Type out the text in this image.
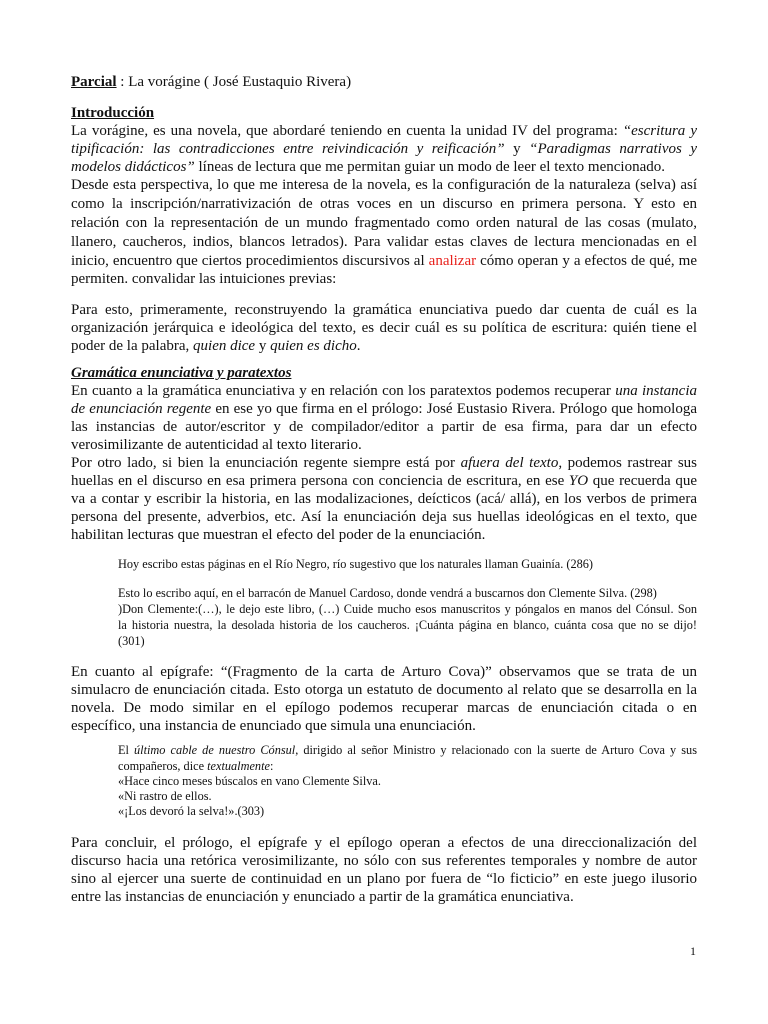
Parcial : La vorágine ( José Eustaquio Rivera)
Introducción
La vorágine, es una novela, que abordaré teniendo en cuenta la unidad IV del programa: “escritura y
tipificación: las contradicciones entre reivindicación y reificación” y “Paradigmas narrativos y
modelos didácticos” líneas de lectura que me permitan guiar un modo de leer el texto mencionado.
Desde esta perspectiva, lo que me interesa de la novela, es la configuración de la naturaleza (selva) así
como la inscripción/narrativización de otras voces en un discurso en primera persona. Y esto en
relación con la representación de un mundo fragmentado como orden natural de las cosas (mulato,
llanero, caucheros, indios, blancos letrados). Para validar estas claves de lectura mencionadas en el
inicio, encuentro que ciertos procedimientos discursivos al analizar cómo operan y a efectos de qué, me
permiten. convalidar las intuiciones previas:
Para esto, primeramente, reconstruyendo la gramática enunciativa puedo dar cuenta de cuál es la
organización jerárquica e ideológica del texto, es decir cuál es su política de escritura: quién tiene el
poder de la palabra, quien dice y quien es dicho.
Gramática enunciativa y paratextos
En cuanto a la gramática enunciativa y en relación con los paratextos podemos recuperar una instancia
de enunciación regente en ese yo que firma en el prólogo: José Eustasio Rivera. Prólogo que homologa
las instancias de autor/escritor y de compilador/editor a partir de esa firma, para dar un efecto
verosimilizante de autenticidad al texto literario.
Por otro lado, si bien la enunciación regente siempre está por afuera del texto, podemos rastrear sus
huellas en el discurso en esa primera persona con conciencia de escritura, en ese YO que recuerda que
va a contar y escribir la historia, en las modalizaciones, deícticos (acá/ allá), en los verbos de primera
persona del presente, adverbios, etc. Así la enunciación deja sus huellas ideológicas en el texto, que
habilitan lecturas que muestran el efecto del poder de la enunciación.
Hoy escribo estas páginas en el Río Negro, río sugestivo que los naturales llaman Guainía. (286)
Esto lo escribo aquí, en el barracón de Manuel Cardoso, donde vendrá a buscarnos don Clemente Silva. (298)
)Don Clemente:(…), le dejo este libro, (…) Cuide mucho esos manuscritos y póngalos en manos del Cónsul. Son
la historia nuestra, la desolada historia de los caucheros. ¡Cuánta página en blanco, cuánta cosa que no se dijo!
(301)
En cuanto al epígrafe: “(Fragmento de la carta de Arturo Cova)” observamos que se trata de un
simulacro de enunciación citada. Esto otorga un estatuto de documento al relato que se desarrolla en la
novela. De modo similar en el epílogo podemos recuperar marcas de enunciación citada o en
específico, una instancia de enunciado que simula una enunciación.
El último cable de nuestro Cónsul, dirigido al señor Ministro y relacionado con la suerte de Arturo Cova y sus
compañeros, dice textualmente:
«Hace cinco meses búscalos en vano Clemente Silva.
«Ni rastro de ellos.
«¡Los devoró la selva!».(303)
Para concluir, el prólogo, el epígrafe y el epílogo operan a efectos de una direccionalización del
discurso hacia una retórica verosimilizante, no sólo con sus referentes temporales y nombre de autor
sino al ejercer una suerte de continuidad en un plano por fuera de “lo ficticio” en este juego ilusorio
entre las instancias de enunciación y enunciado a partir de la gramática enunciativa.
1
